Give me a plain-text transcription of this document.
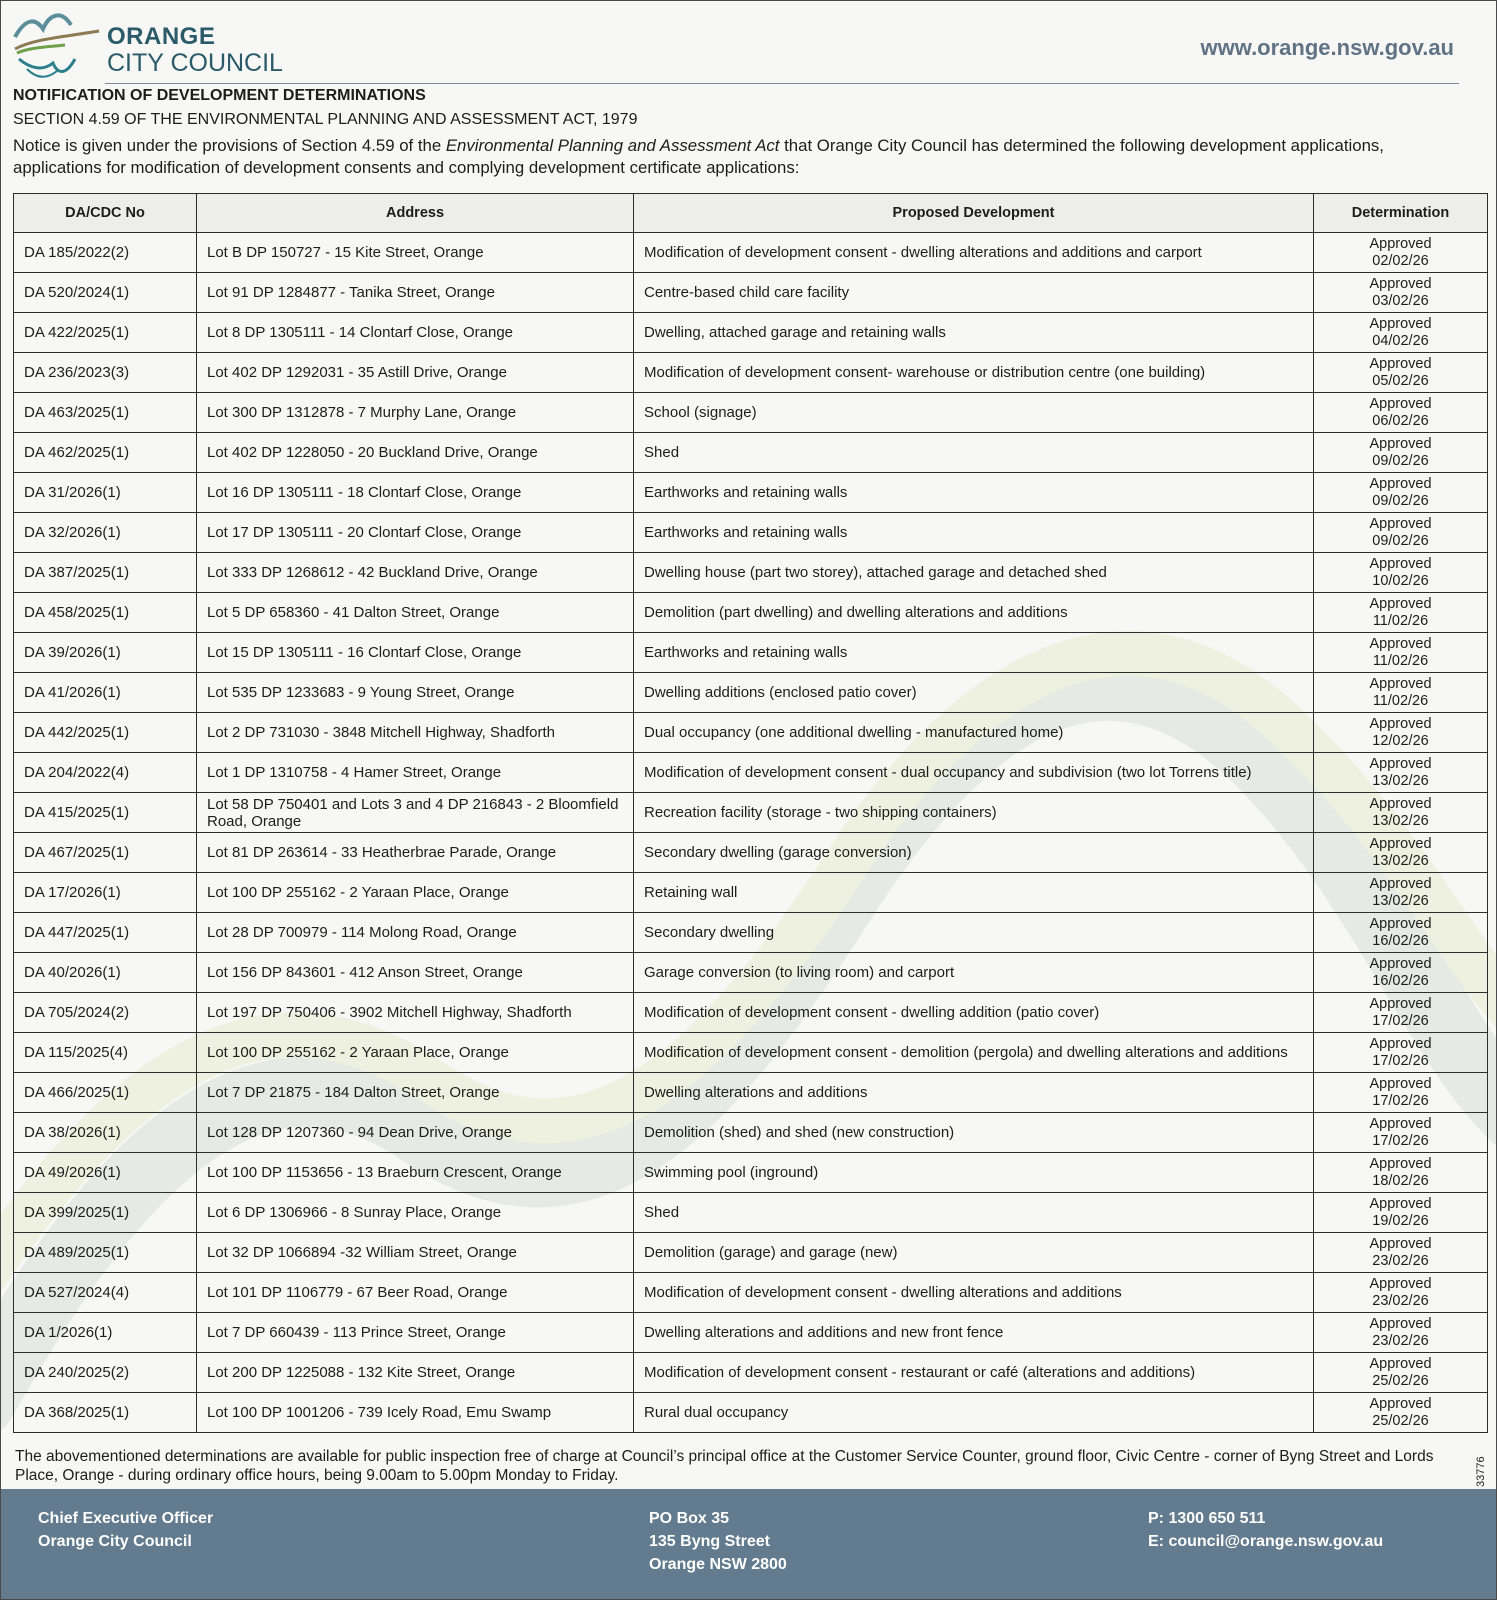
ORANGE
CITY COUNCIL
www.orange.nsw.gov.au

NOTIFICATION OF DEVELOPMENT DETERMINATIONS

SECTION 4.59 OF THE ENVIRONMENTAL PLANNING AND ASSESSMENT ACT, 1979

Notice is given under the provisions of Section 4.59 of the Environmental Planning and Assessment Act that Orange City Council has determined the following development applications, applications for modification of development consents and complying development certificate applications:

DA/CDC No	Address	Proposed Development	Determination
DA 185/2022(2)	Lot B DP 150727 - 15 Kite Street, Orange	Modification of development consent - dwelling alterations and additions and carport	Approved
02/02/26

DA 520/2024(1)	Lot 91 DP 1284877 - Tanika Street, Orange	Centre-based child care facility	Approved
03/02/26

DA 422/2025(1)	Lot 8 DP 1305111 - 14 Clontarf Close, Orange	Dwelling, attached garage and retaining walls	Approved
04/02/26

DA 236/2023(3)	Lot 402 DP 1292031 - 35 Astill Drive, Orange	Modification of development consent- warehouse or distribution centre (one building)	Approved
05/02/26

DA 463/2025(1)	Lot 300 DP 1312878 - 7 Murphy Lane, Orange	School (signage)	Approved
06/02/26

DA 462/2025(1)	Lot 402 DP 1228050 - 20 Buckland Drive, Orange	Shed	Approved
09/02/26

DA 31/2026(1)	Lot 16 DP 1305111 - 18 Clontarf Close, Orange	Earthworks and retaining walls	Approved
09/02/26

DA 32/2026(1)	Lot 17 DP 1305111 - 20 Clontarf Close, Orange	Earthworks and retaining walls	Approved
09/02/26

DA 387/2025(1)	Lot 333 DP 1268612 - 42 Buckland Drive, Orange	Dwelling house (part two storey), attached garage and detached shed	Approved
10/02/26

DA 458/2025(1)	Lot 5 DP 658360 - 41 Dalton Street, Orange	Demolition (part dwelling) and dwelling alterations and additions	Approved
11/02/26

DA 39/2026(1)	Lot 15 DP 1305111 - 16 Clontarf Close, Orange	Earthworks and retaining walls	Approved
11/02/26

DA 41/2026(1)	Lot 535 DP 1233683 - 9 Young Street, Orange	Dwelling additions (enclosed patio cover)	Approved
11/02/26

DA 442/2025(1)	Lot 2 DP 731030 - 3848 Mitchell Highway, Shadforth	Dual occupancy (one additional dwelling - manufactured home)	Approved
12/02/26

DA 204/2022(4)	Lot 1 DP 1310758 - 4 Hamer Street, Orange	Modification of development consent - dual occupancy and subdivision (two lot Torrens title)	Approved
13/02/26

DA 415/2025(1)	Lot 58 DP 750401 and Lots 3 and 4 DP 216843 - 2 Bloomfield Road, Orange	Recreation facility (storage - two shipping containers)	Approved
13/02/26

DA 467/2025(1)	Lot 81 DP 263614 - 33 Heatherbrae Parade, Orange	Secondary dwelling (garage conversion)	Approved
13/02/26

DA 17/2026(1)	Lot 100 DP 255162 - 2 Yaraan Place, Orange	Retaining wall	Approved
13/02/26

DA 447/2025(1)	Lot 28 DP 700979 - 114 Molong Road, Orange	Secondary dwelling	Approved
16/02/26

DA 40/2026(1)	Lot 156 DP 843601 - 412 Anson Street, Orange	Garage conversion (to living room) and carport	Approved
16/02/26

DA 705/2024(2)	Lot 197 DP 750406 - 3902 Mitchell Highway, Shadforth	Modification of development consent - dwelling addition (patio cover)	Approved
17/02/26

DA 115/2025(4)	Lot 100 DP 255162 - 2 Yaraan Place, Orange	Modification of development consent - demolition (pergola) and dwelling alterations and additions	Approved
17/02/26

DA 466/2025(1)	Lot 7 DP 21875 - 184 Dalton Street, Orange	Dwelling alterations and additions	Approved
17/02/26

DA 38/2026(1)	Lot 128 DP 1207360 - 94 Dean Drive, Orange	Demolition (shed) and shed (new construction)	Approved
17/02/26

DA 49/2026(1)	Lot 100 DP 1153656 - 13 Braeburn Crescent, Orange	Swimming pool (inground)	Approved
18/02/26

DA 399/2025(1)	Lot 6 DP 1306966 - 8 Sunray Place, Orange	Shed	Approved
19/02/26

DA 489/2025(1)	Lot 32 DP 1066894 -32 William Street, Orange	Demolition (garage) and garage (new)	Approved
23/02/26

DA 527/2024(4)	Lot 101 DP 1106779 - 67 Beer Road, Orange	Modification of development consent - dwelling alterations and additions	Approved
23/02/26

DA 1/2026(1)	Lot 7 DP 660439 - 113 Prince Street, Orange	Dwelling alterations and additions and new front fence	Approved
23/02/26

DA 240/2025(2)	Lot 200 DP 1225088 - 132 Kite Street, Orange	Modification of development consent - restaurant or café (alterations and additions)	Approved
25/02/26

DA 368/2025(1)	Lot 100 DP 1001206 - 739 Icely Road, Emu Swamp	Rural dual occupancy	Approved
25/02/26
The abovementioned determinations are available for public inspection free of charge at Council’s principal office at the Customer Service Counter, ground floor, Civic Centre - corner of Byng Street and Lords Place, Orange - during ordinary office hours, being 9.00am to 5.00pm Monday to Friday.	33776
Chief Executive Officer
Orange City Council
PO Box 35
135 Byng Street
Orange NSW 2800
P: 1300 650 511
E: council@orange.nsw.gov.au
